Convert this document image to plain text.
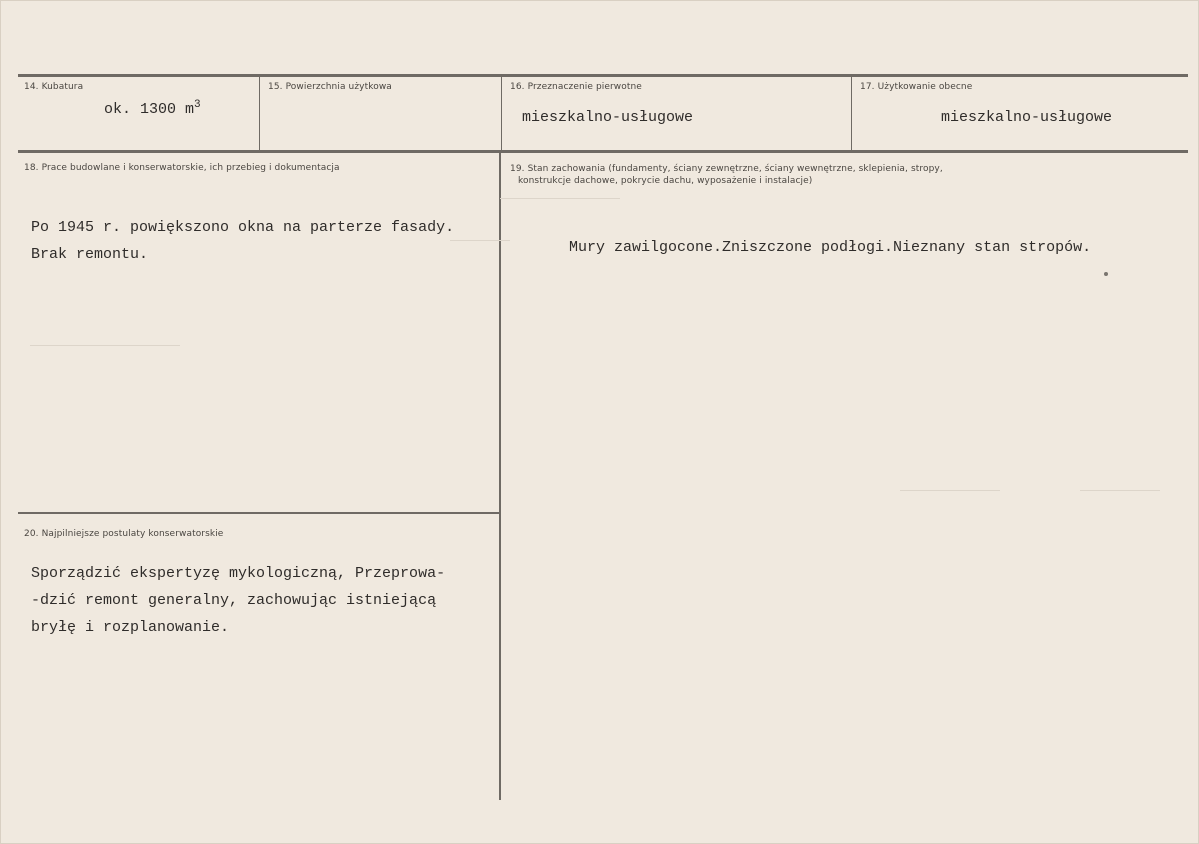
14. Kubatura
ok. 1300 $m^3$
15. Powierzchnia użytkowa	16. Przeznaczenie pierwotne
mieszkalno-usługowe
17. Użytkowanie obecne
mieszkalno-usługowe
18. Prace budowlane i konserwatorskie, ich przebieg i dokumentacja
Po 1945 r. powiększono okna na parterze fasady.
Brak remontu.
19. Stan zachowania (fundamenty, ściany zewnętrzne, ściany wewnętrzne, sklepienia, stropy,
konstrukcje dachowe, pokrycie dachu, wyposażenie i instalacje)
Mury zawilgocone.Zniszczone podłogi.Nieznany stan stropów.
20. Najpilniejsze postulaty konserwatorskie
Sporządzić ekspertyzę mykologiczną, Przeprowa-
-dzić remont generalny, zachowując istniejącą
bryłę i rozplanowanie.
